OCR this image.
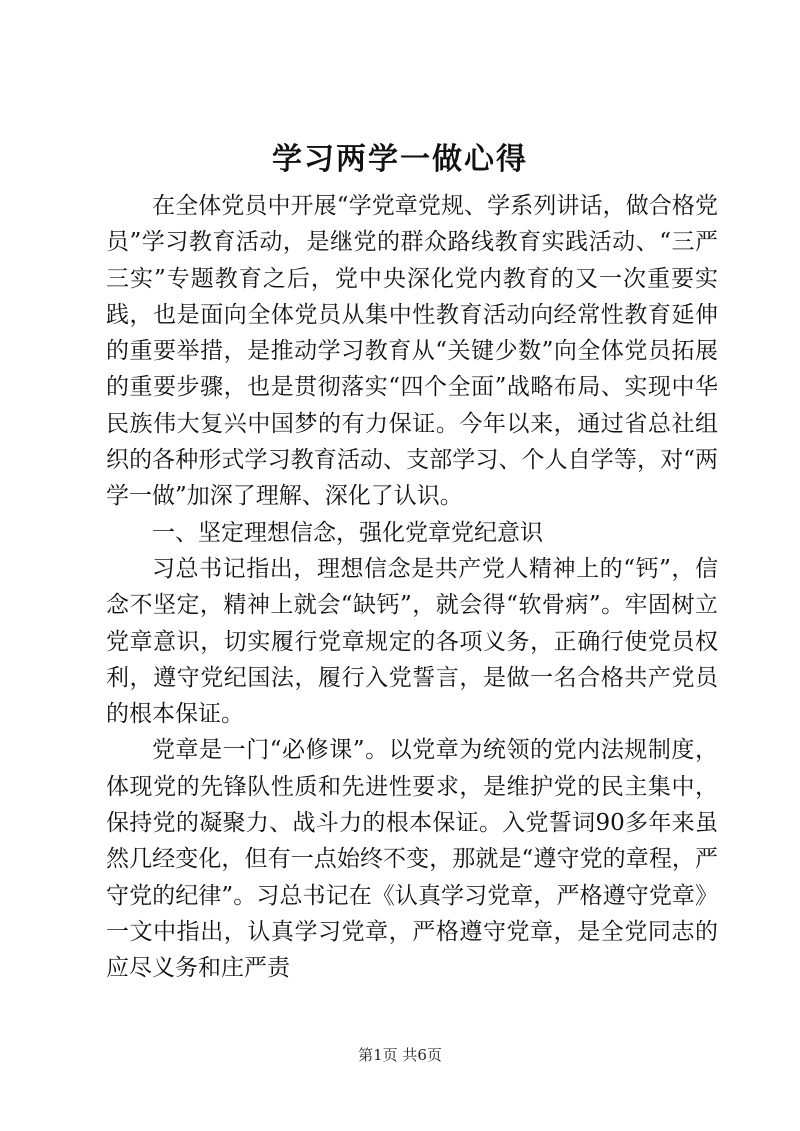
学习两学一做心得

在全体党员中开展“学党章党规、学系列讲话，做合格党员”学习教育活动，是继党的群众路线教育实践活动、“三严三实”专题教育之后，党中央深化党内教育的又一次重要实践，也是面向全体党员从集中性教育活动向经常性教育延伸的重要举措，是推动学习教育从“关键少数”向全体党员拓展的重要步骤，也是贯彻落实“四个全面”战略布局、实现中华民族伟大复兴中国梦的有力保证。今年以来，通过省总社组织的各种形式学习教育活动、支部学习、个人自学等，对“两学一做”加深了理解、深化了认识。

一、坚定理想信念，强化党章党纪意识

习总书记指出，理想信念是共产党人精神上的“钙”，信念不坚定，精神上就会“缺钙”，就会得“软骨病”。牢固树立党章意识，切实履行党章规定的各项义务，正确行使党员权利，遵守党纪国法，履行入党誓言，是做一名合格共产党员的根本保证。

党章是一门“必修课”。以党章为统领的党内法规制度，体现党的先锋队性质和先进性要求，是维护党的民主集中，保持党的凝聚力、战斗力的根本保证。入党誓词90多年来虽然几经变化，但有一点始终不变，那就是“遵守党的章程，严守党的纪律”。习总书记在《认真学习党章，严格遵守党章》一文中指出，认真学习党章，严格遵守党章，是全党同志的应尽义务和庄严责

第1页 共6页
